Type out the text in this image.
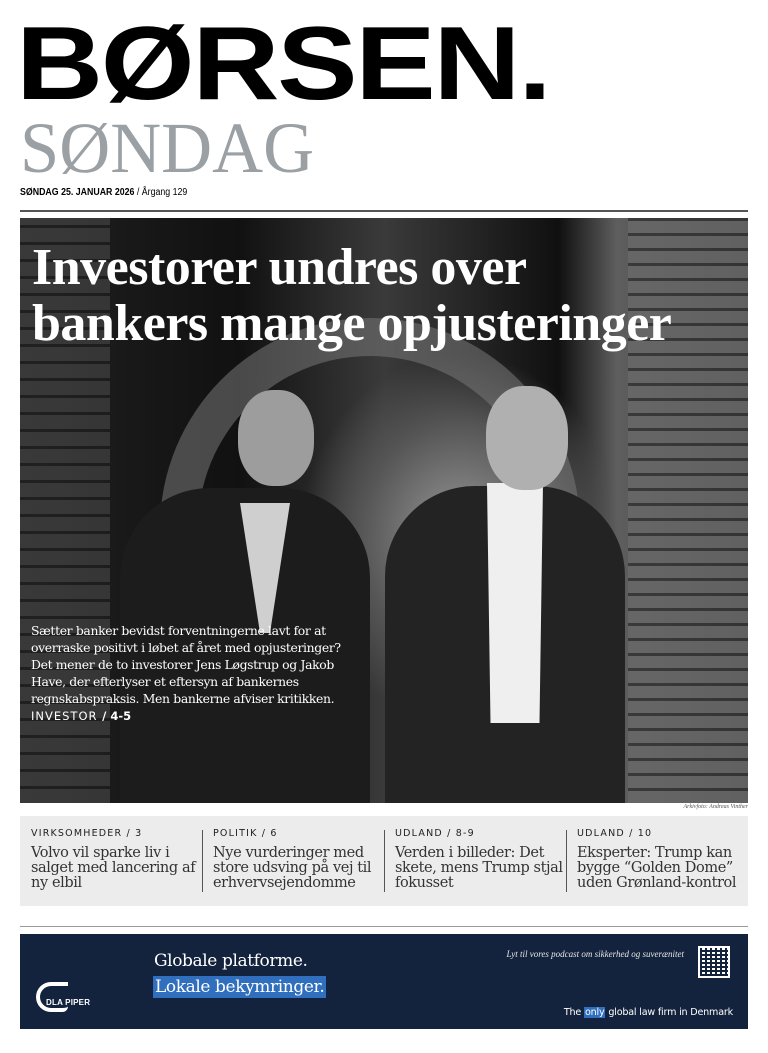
BØRSEN.
SØNDAG
SØNDAG 25. JANUAR 2026 / Årgang 129
Investorer undres over
bankers mange opjusteringer
Sætter banker bevidst forventningerne lavt for at overraske positivt i løbet af året med opjusteringer? Det mener de to investorer Jens Løgstrup og Jakob Have, der efterlyser et eftersyn af bankernes regnskabspraksis. Men bankerne afviser kritikken.
INVESTOR / 4-5
Arkivfoto: Andreas Vinther
VIRKSOMHEDER / 3
Volvo vil sparke liv i salget med lancering af ny elbil
POLITIK / 6
Nye vurderinger med store udsving på vej til erhvervsejendomme
UDLAND / 8-9
Verden i billeder: Det skete, mens Trump stjal fokusset
UDLAND / 10
Eksperter: Trump kan bygge “Golden Dome” uden Grønland-kontrol
DLA PIPER
Globale platforme.
Lokale bekymringer.
Lyt til vores podcast om sikkerhed og suverænitet
The only global law firm in Denmark
